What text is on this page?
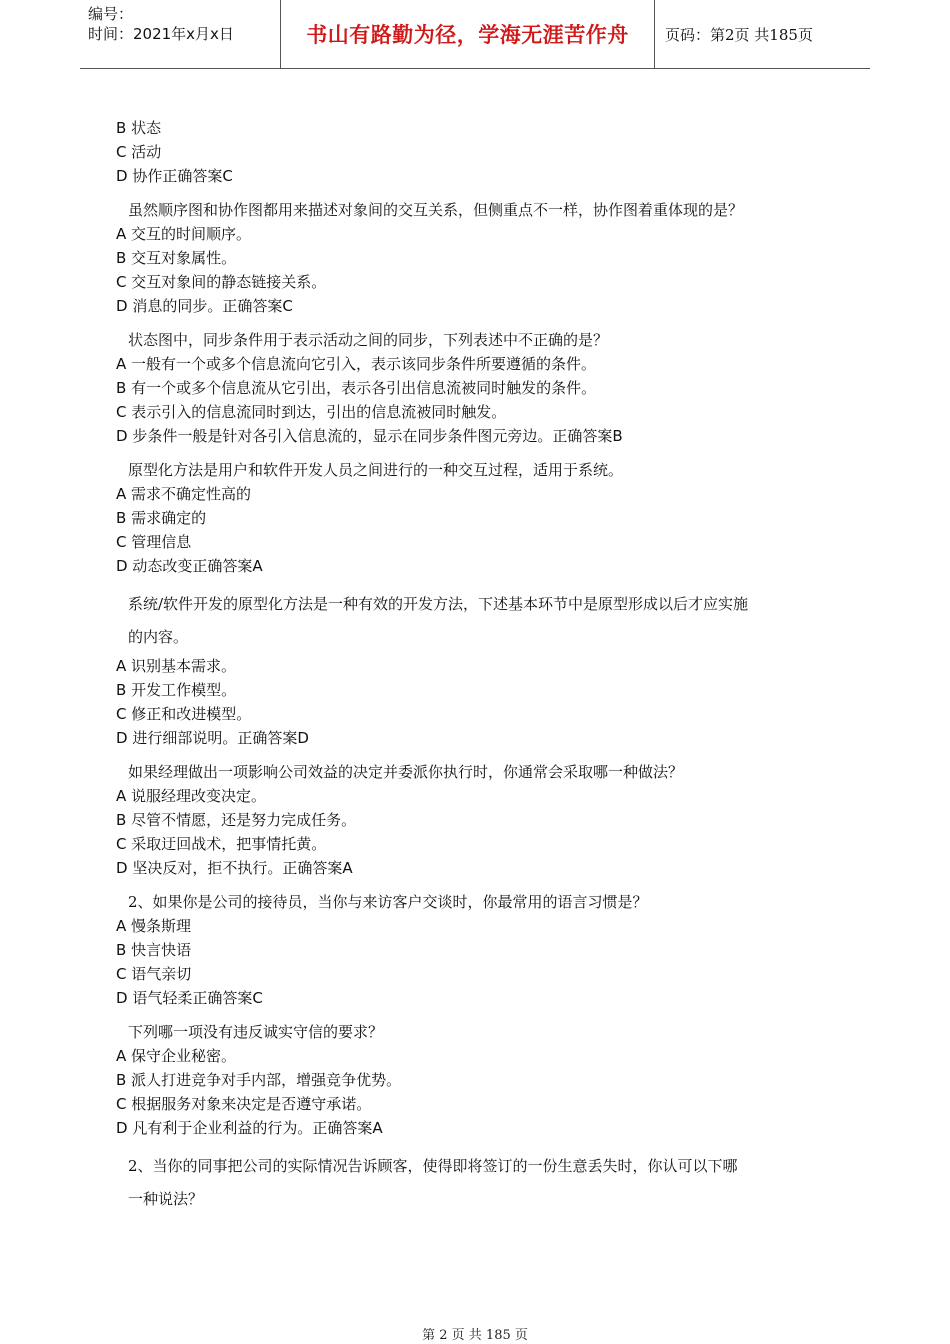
编号：
时间：2021年x月x日	书山有路勤为径，学海无涯苦作舟	页码：第2页 共185页
B 状态
C 活动
D 协作正确答案C
虽然顺序图和协作图都用来描述对象间的交互关系，但侧重点不一样，协作图着重体现的是？
A 交互的时间顺序。
B 交互对象属性。
C 交互对象间的静态链接关系。
D 消息的同步。正确答案C
状态图中，同步条件用于表示活动之间的同步，下列表述中不正确的是？
A 一般有一个或多个信息流向它引入，表示该同步条件所要遵循的条件。
B 有一个或多个信息流从它引出，表示各引出信息流被同时触发的条件。
C 表示引入的信息流同时到达，引出的信息流被同时触发。
D 步条件一般是针对各引入信息流的，显示在同步条件图元旁边。正确答案B
原型化方法是用户和软件开发人员之间进行的一种交互过程，适用于系统。
A 需求不确定性高的
B 需求确定的
C 管理信息
D 动态改变正确答案A
系统/软件开发的原型化方法是一种有效的开发方法，下述基本环节中是原型形成以后才应实施
的内容。
A 识别基本需求。
B 开发工作模型。
C 修正和改进模型。
D 进行细部说明。正确答案D
如果经理做出一项影响公司效益的决定并委派你执行时，你通常会采取哪一种做法？
A 说服经理改变决定。
B 尽管不情愿，还是努力完成任务。
C 采取迂回战术，把事情托黄。
D 坚决反对，拒不执行。正确答案A
2、如果你是公司的接待员，当你与来访客户交谈时，你最常用的语言习惯是？
A 慢条斯理
B 快言快语
C 语气亲切
D 语气轻柔正确答案C
下列哪一项没有违反诚实守信的要求？
A 保守企业秘密。
B 派人打进竞争对手内部，增强竞争优势。
C 根据服务对象来决定是否遵守承诺。
D 凡有利于企业利益的行为。正确答案A
2、当你的同事把公司的实际情况告诉顾客，使得即将签订的一份生意丢失时，你认可以下哪
一种说法？
第 2 页 共 185 页
